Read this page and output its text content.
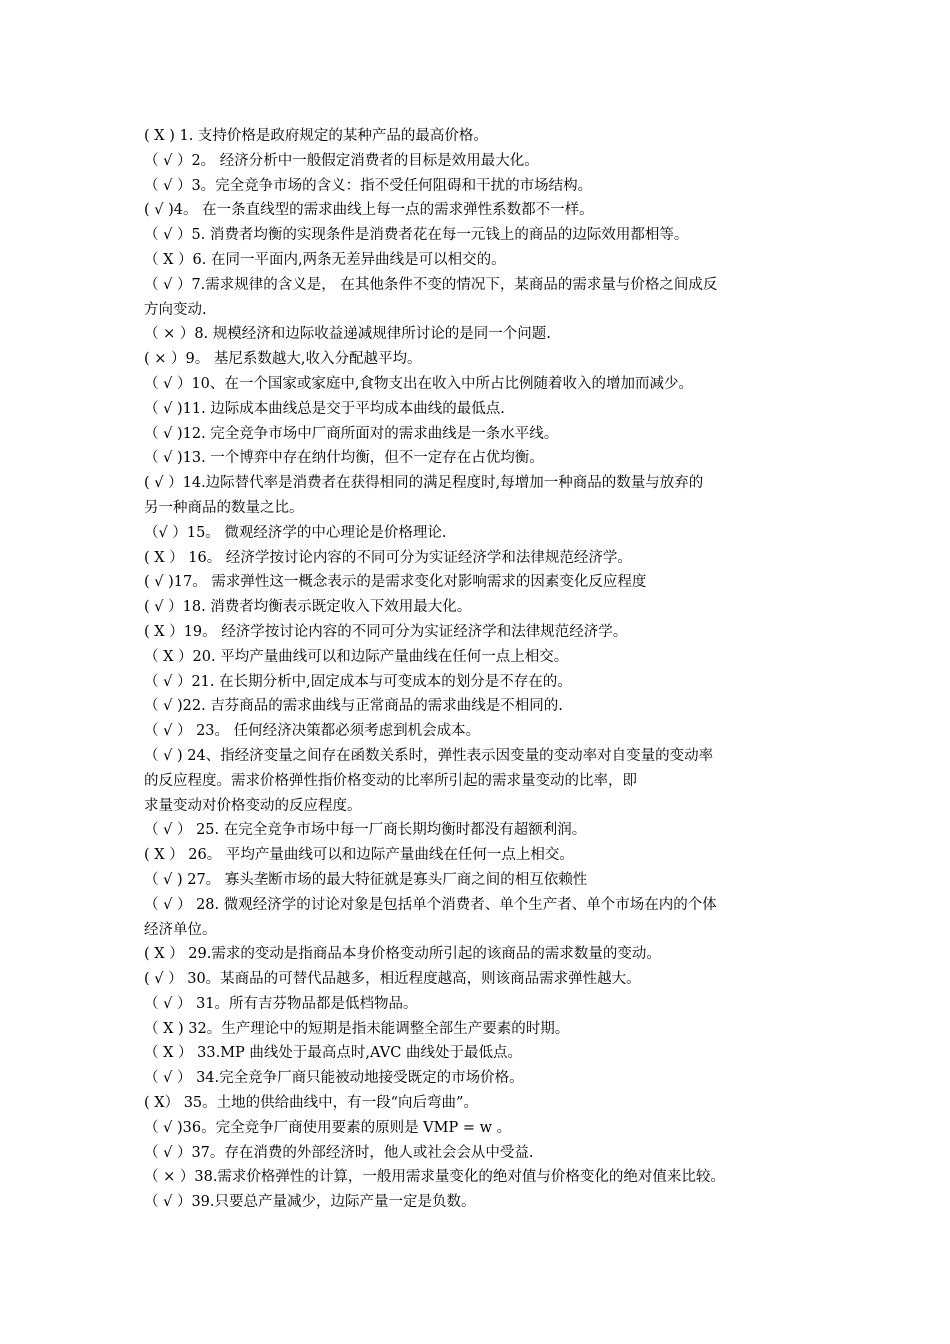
( X ) 1. 支持价格是政府规定的某种产品的最高价格。
（ √ ）2。 经济分析中一般假定消费者的目标是效用最大化。
（ √ ）3。完全竞争市场的含义：指不受任何阻碍和干扰的市场结构。
( √ )4。 在一条直线型的需求曲线上每一点的需求弹性系数都不一样。
（ √ ）5. 消费者均衡的实现条件是消费者花在每一元钱上的商品的边际效用都相等。
（ X ）6. 在同一平面内,两条无差异曲线是可以相交的。
（ √ ）7.需求规律的含义是， 在其他条件不变的情况下，某商品的需求量与价格之间成反
方向变动.
（ × ）8. 规模经济和边际收益递减规律所讨论的是同一个问题.
( × ）9。 基尼系数越大,收入分配越平均。
（ √ ）10、在一个国家或家庭中,食物支出在收入中所占比例随着收入的增加而减少。
（ √ )11. 边际成本曲线总是交于平均成本曲线的最低点.
（ √ )12. 完全竞争市场中厂商所面对的需求曲线是一条水平线。
（ √ )13. 一个博弈中存在纳什均衡，但不一定存在占优均衡。
( √ ）14.边际替代率是消费者在获得相同的满足程度时,每增加一种商品的数量与放弃的
另一种商品的数量之比。
（√ ）15。 微观经济学的中心理论是价格理论.
( X ） 16。 经济学按讨论内容的不同可分为实证经济学和法律规范经济学。
( √ )17。 需求弹性这一概念表示的是需求变化对影响需求的因素变化反应程度
( √ ）18. 消费者均衡表示既定收入下效用最大化。
( X ）19。 经济学按讨论内容的不同可分为实证经济学和法律规范经济学。
（ X ）20. 平均产量曲线可以和边际产量曲线在任何一点上相交。
（ √ ）21. 在长期分析中,固定成本与可变成本的划分是不存在的。
（ √ )22. 吉芬商品的需求曲线与正常商品的需求曲线是不相同的.
（ √ ） 23。 任何经济决策都必须考虑到机会成本。
（ √ ) 24、指经济变量之间存在函数关系时，弹性表示因变量的变动率对自变量的变动率
的反应程度。需求价格弹性指价格变动的比率所引起的需求量变动的比率，即
求量变动对价格变动的反应程度。
（ √ ） 25. 在完全竞争市场中每一厂商长期均衡时都没有超额利润。
( X ） 26。 平均产量曲线可以和边际产量曲线在任何一点上相交。
（ √ ) 27。 寡头垄断市场的最大特征就是寡头厂商之间的相互依赖性
（ √ ） 28. 微观经济学的讨论对象是包括单个消费者、单个生产者、单个市场在内的个体
经济单位。
( X ） 29.需求的变动是指商品本身价格变动所引起的该商品的需求数量的变动。
( √ ） 30。某商品的可替代品越多，相近程度越高，则该商品需求弹性越大。
（ √ ） 31。所有吉芬物品都是低档物品。
（ X ) 32。生产理论中的短期是指未能调整全部生产要素的时期。
（ X ） 33.MP 曲线处于最高点时,AVC 曲线处于最低点。
（ √ ） 34.完全竞争厂商只能被动地接受既定的市场价格。
( X） 35。土地的供给曲线中，有一段“向后弯曲”。
（ √ )36。完全竞争厂商使用要素的原则是 VMP = w 。
（ √ ）37。存在消费的外部经济时，他人或社会会从中受益.
（ × ）38.需求价格弹性的计算，一般用需求量变化的绝对值与价格变化的绝对值来比较。
（ √ ）39.只要总产量减少，边际产量一定是负数。
